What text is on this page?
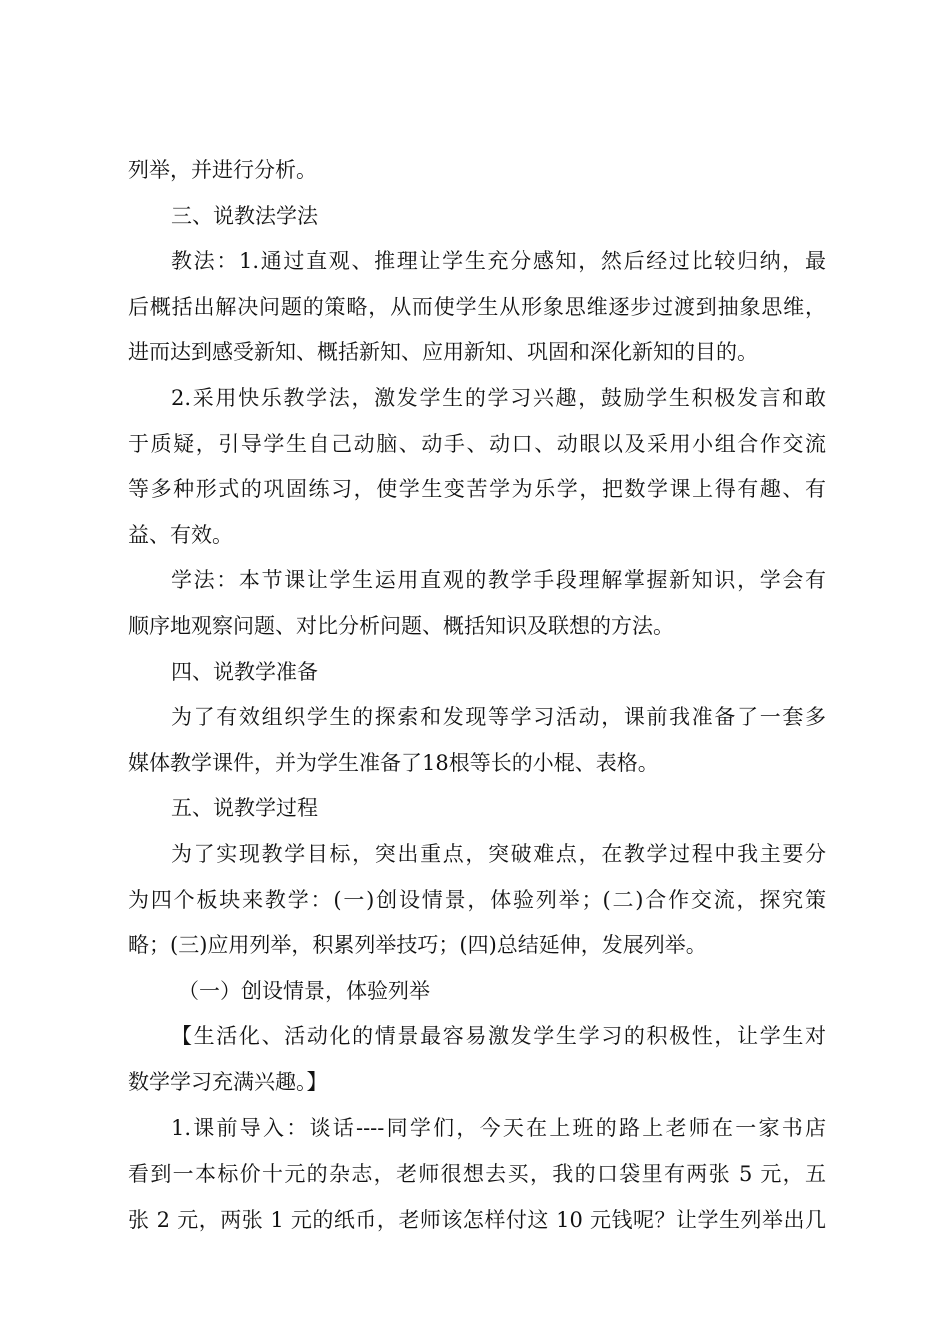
列举，并进行分析。
三、说教法学法
教法：1.通过直观、推理让学生充分感知，然后经过比较归纳，最
后概括出解决问题的策略，从而使学生从形象思维逐步过渡到抽象思维，
进而达到感受新知、概括新知、应用新知、巩固和深化新知的目的。
2.采用快乐教学法，激发学生的学习兴趣，鼓励学生积极发言和敢
于质疑，引导学生自己动脑、动手、动口、动眼以及采用小组合作交流
等多种形式的巩固练习，使学生变苦学为乐学，把数学课上得有趣、有
益、有效。
学法：本节课让学生运用直观的教学手段理解掌握新知识，学会有
顺序地观察问题、对比分析问题、概括知识及联想的方法。
四、说教学准备
为了有效组织学生的探索和发现等学习活动，课前我准备了一套多
媒体教学课件，并为学生准备了18根等长的小棍、表格。
五、说教学过程
为了实现教学目标，突出重点，突破难点，在教学过程中我主要分
为四个板块来教学：(一)创设情景，体验列举；(二)合作交流，探究策
略；(三)应用列举，积累列举技巧；(四)总结延伸，发展列举。
（一）创设情景，体验列举
【生活化、活动化的情景最容易激发学生学习的积极性，让学生对
数学学习充满兴趣。】
1.课前导入：谈话----同学们，今天在上班的路上老师在一家书店
看到一本标价十元的杂志，老师很想去买，我的口袋里有两张 5 元，五
张 2 元，两张 1 元的纸币，老师该怎样付这 10 元钱呢？让学生列举出几
